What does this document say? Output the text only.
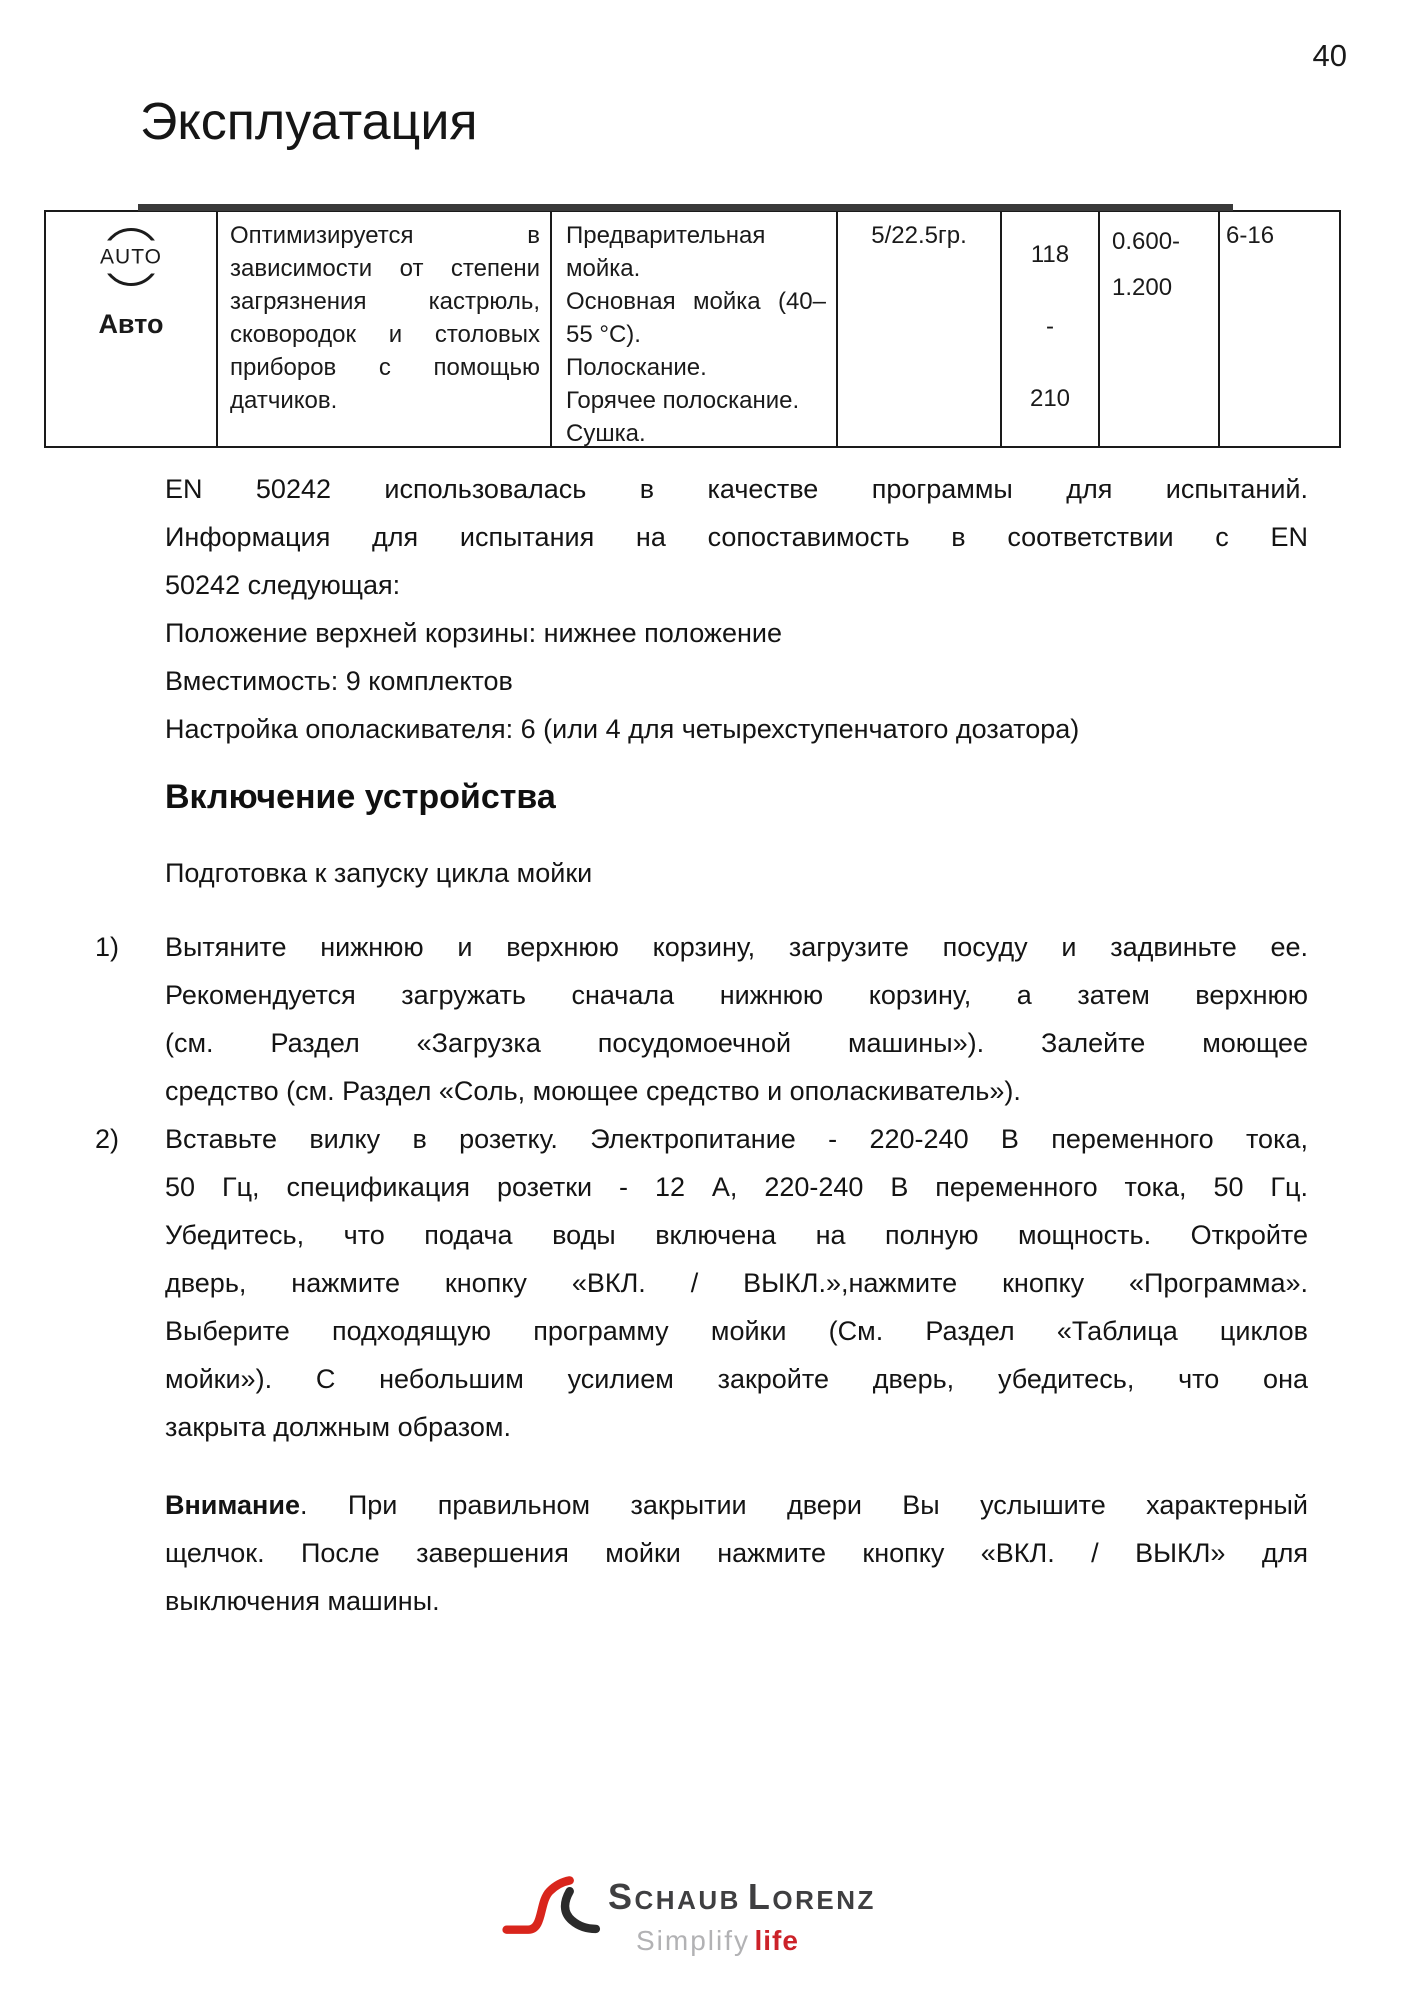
40
Эксплуатация
AUTO
Авто
Оптимизируется в
зависимости от степени
загрязнения кастрюль,
сковородок и столовых
приборов с помощью
датчиков.
Предварительная
мойка.
Основная мойка (40–
55 °C).
Полоскание.
Горячее полоскание.
Сушка.
5/22.5гр.
118
-
210
0.600-
1.200
6-16
EN 50242 использовалась в качестве программы для испытаний.
Информация для испытания на сопоставимость в соответствии с EN
50242 следующая:
Положение верхней корзины: нижнее положение
Вместимость: 9 комплектов
Настройка ополаскивателя: 6 (или 4 для четырехступенчатого дозатора)
Включение устройства
Подготовка к запуску цикла мойки
1) Вытяните нижнюю и верхнюю корзину, загрузите посуду и задвиньте ее.
Рекомендуется загружать сначала нижнюю корзину, а затем верхнюю
(см. Раздел «Загрузка посудомоечной машины»). Залейте моющее
средство (см. Раздел «Соль, моющее средство и ополаскиватель»).
2) Вставьте вилку в розетку. Электропитание - 220-240 В переменного тока,
50 Гц, спецификация розетки - 12 А, 220-240 В переменного тока, 50 Гц.
Убедитесь, что подача воды включена на полную мощность. Откройте
дверь, нажмите кнопку «ВКЛ. / ВЫКЛ.»,нажмите кнопку «Программа».
Выберите подходящую программу мойки (См. Раздел «Таблица циклов
мойки»). С небольшим усилием закройте дверь, убедитесь, что она
закрыта должным образом.
Внимание. При правильном закрытии двери Вы услышите характерный
щелчок. После завершения мойки нажмите кнопку «ВКЛ. / ВЫКЛ» для
выключения машины.
SCHAUB LORENZ
Simplify life
